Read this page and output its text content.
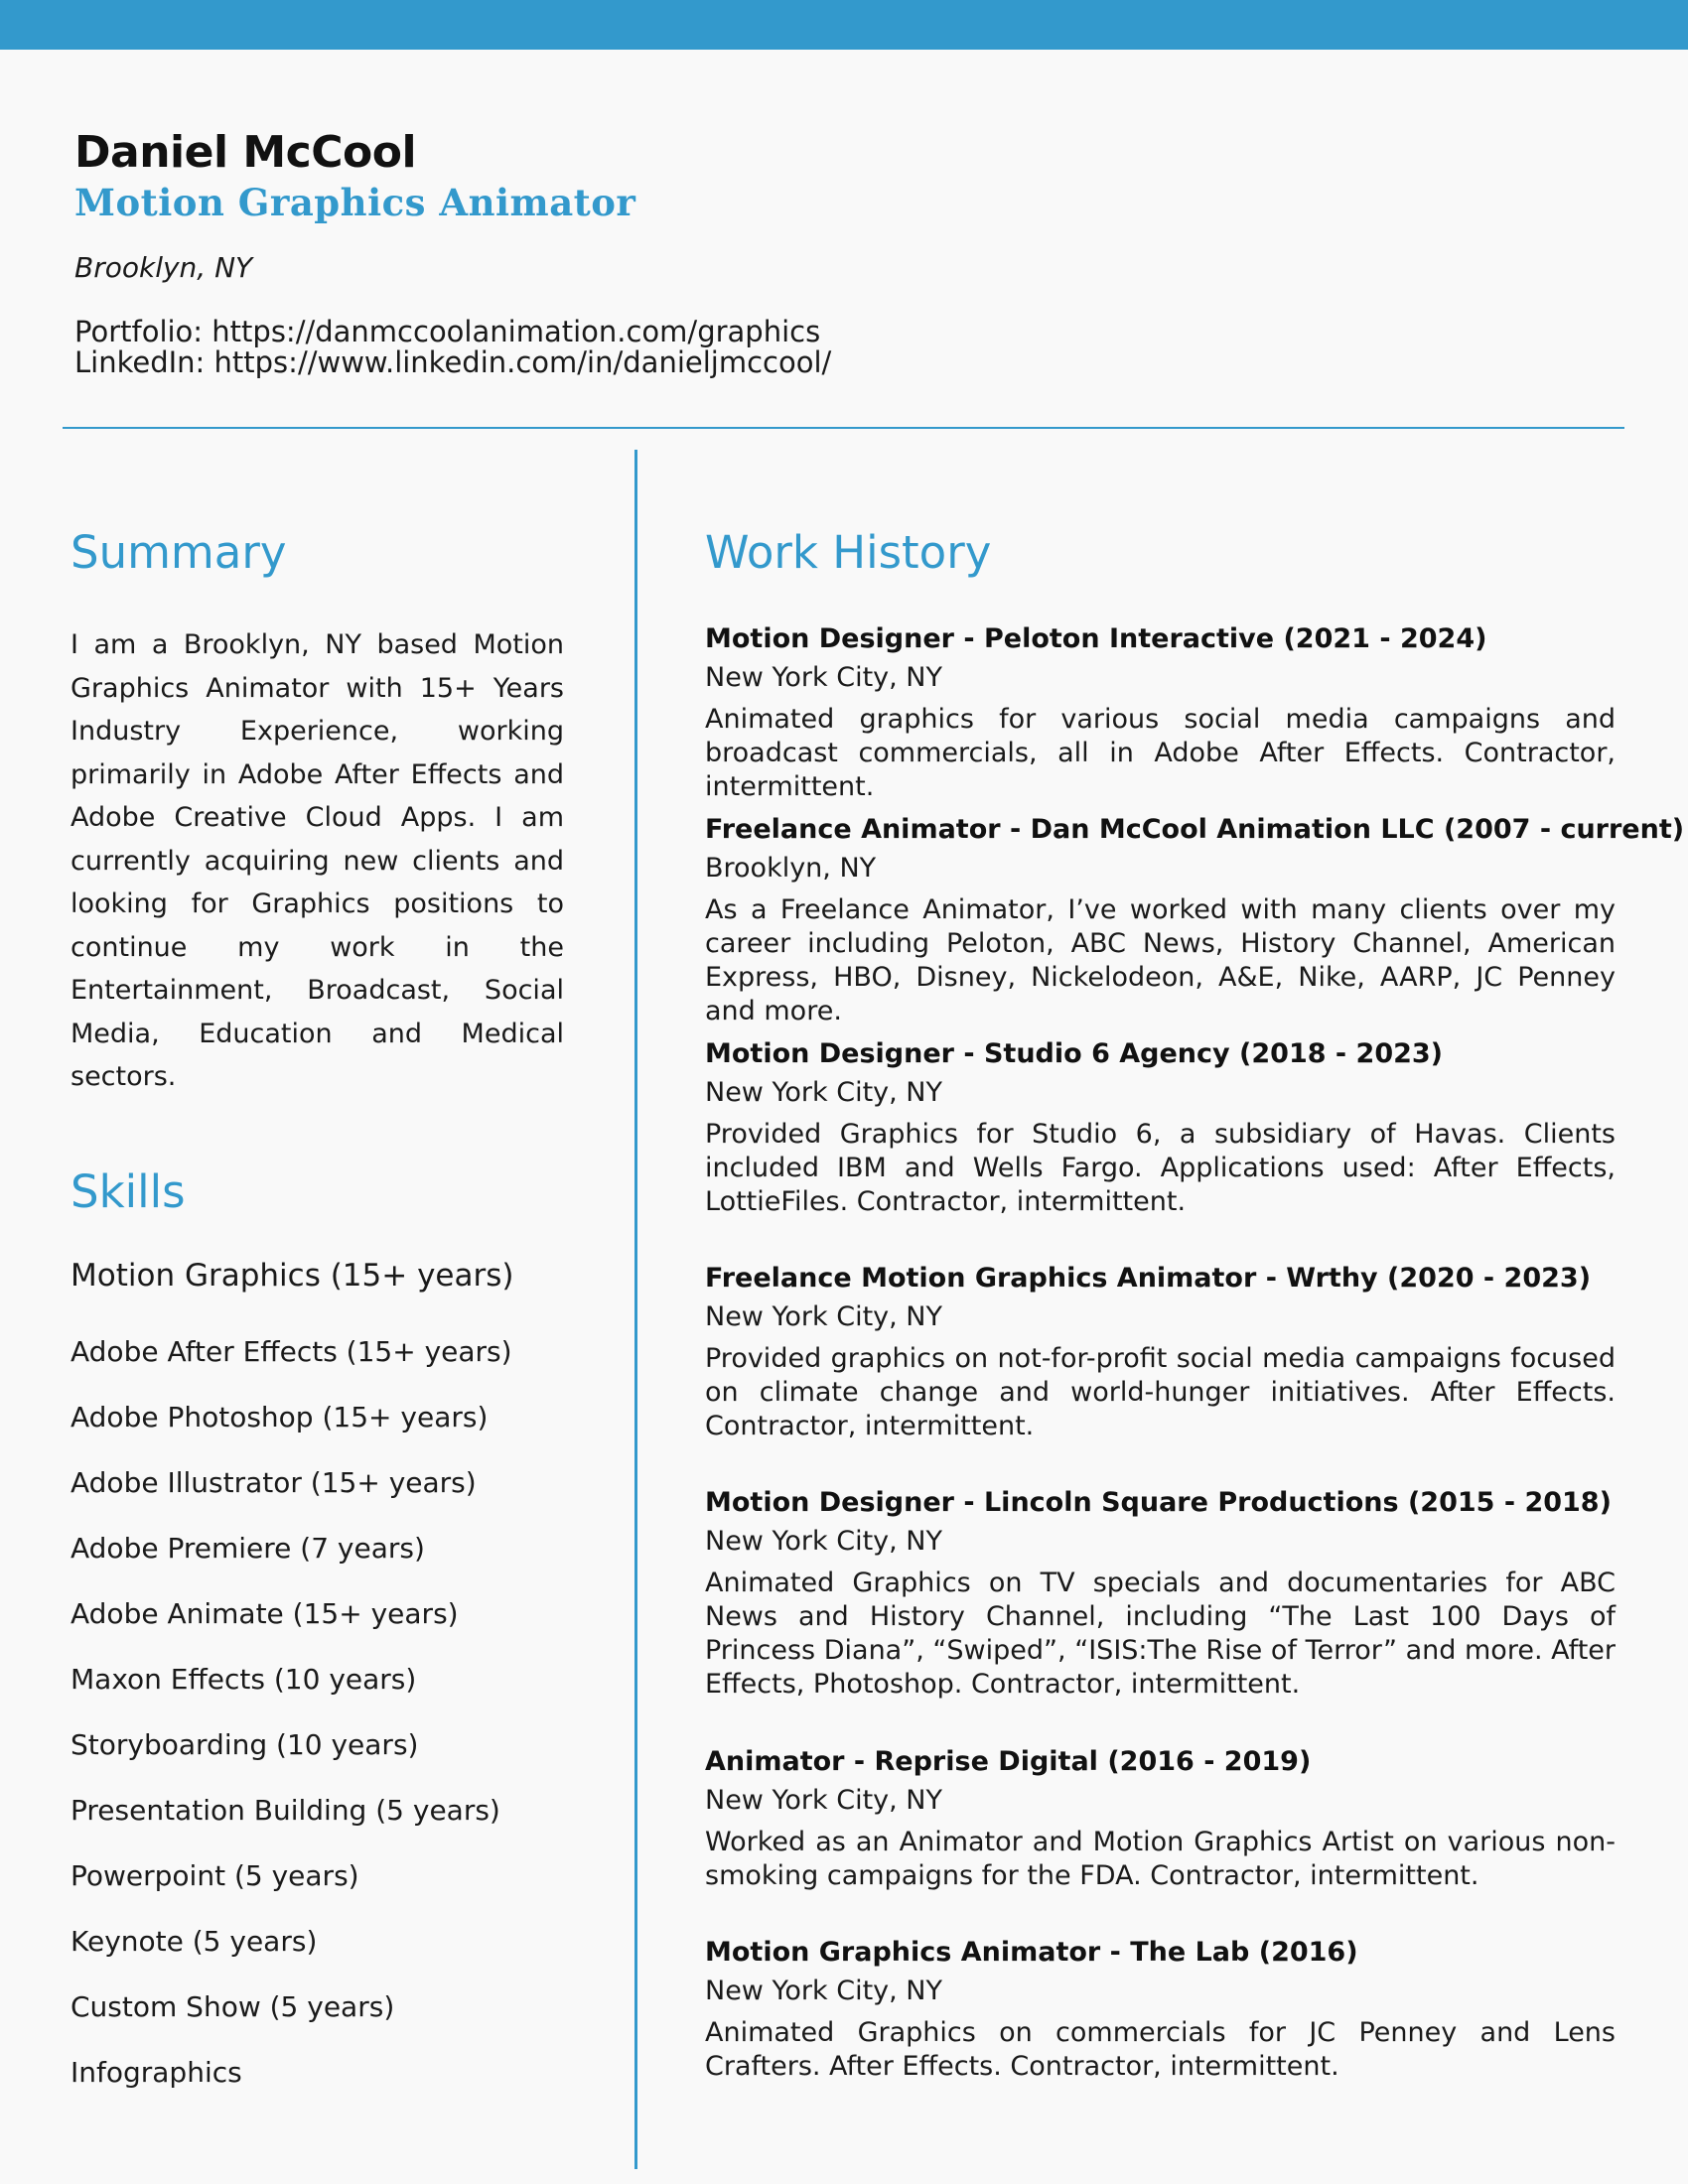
Daniel McCool
Motion Graphics Animator
Brooklyn, NY
Portfolio: https://danmccoolanimation.com/graphics
LinkedIn: https://www.linkedin.com/in/danieljmccool/
Summary

I am a Brooklyn, NY based Motion Graphics Animator with 15+ Years Industry Experience, working primarily in Adobe After Effects and Adobe Creative Cloud Apps. I am currently acquiring new clients and looking for Graphics positions to continue my work in the Entertainment, Broadcast, Social Media, Education and Medical sectors.

Skills
Motion Graphics (15+ years)
Adobe After Effects (15+ years)
Adobe Photoshop (15+ years)
Adobe Illustrator (15+ years)
Adobe Premiere (7 years)
Adobe Animate (15+ years)
Maxon Effects (10 years)
Storyboarding (10 years)
Presentation Building (5 years)
Powerpoint (5 years)
Keynote (5 years)
Custom Show (5 years)
Infographics
Work History

Motion Designer - Peloton Interactive (2021 - 2024)

New York City, NY

Animated graphics for various social media campaigns and broadcast commercials, all in Adobe After Effects. Contractor, intermittent.

Freelance Animator - Dan McCool Animation LLC (2007 - current)

Brooklyn, NY

As a Freelance Animator, I’ve worked with many clients over my career including Peloton, ABC News, History Channel, American Express, HBO, Disney, Nickelodeon, A&E, Nike, AARP, JC Penney and more.

Motion Designer - Studio 6 Agency (2018 - 2023)

New York City, NY

Provided Graphics for Studio 6, a subsidiary of Havas. Clients included IBM and Wells Fargo. Applications used: After Effects, LottieFiles. Contractor, intermittent.

Freelance Motion Graphics Animator - Wrthy (2020 - 2023)

New York City, NY

Provided graphics on not-for-profit social media campaigns focused on climate change and world-hunger initiatives. After Effects. Contractor, intermittent.

Motion Designer - Lincoln Square Productions (2015 - 2018)

New York City, NY

Animated Graphics on TV specials and documentaries for ABC News and History Channel, including “The Last 100 Days of Princess Diana”, “Swiped”, “ISIS:The Rise of Terror” and more. After Effects, Photoshop. Contractor, intermittent.

Animator - Reprise Digital (2016 - 2019)

New York City, NY

Worked as an Animator and Motion Graphics Artist on various non-smoking campaigns for the FDA. Contractor, intermittent.

Motion Graphics Animator - The Lab (2016)

New York City, NY

Animated Graphics on commercials for JC Penney and Lens Crafters. After Effects. Contractor, intermittent.
